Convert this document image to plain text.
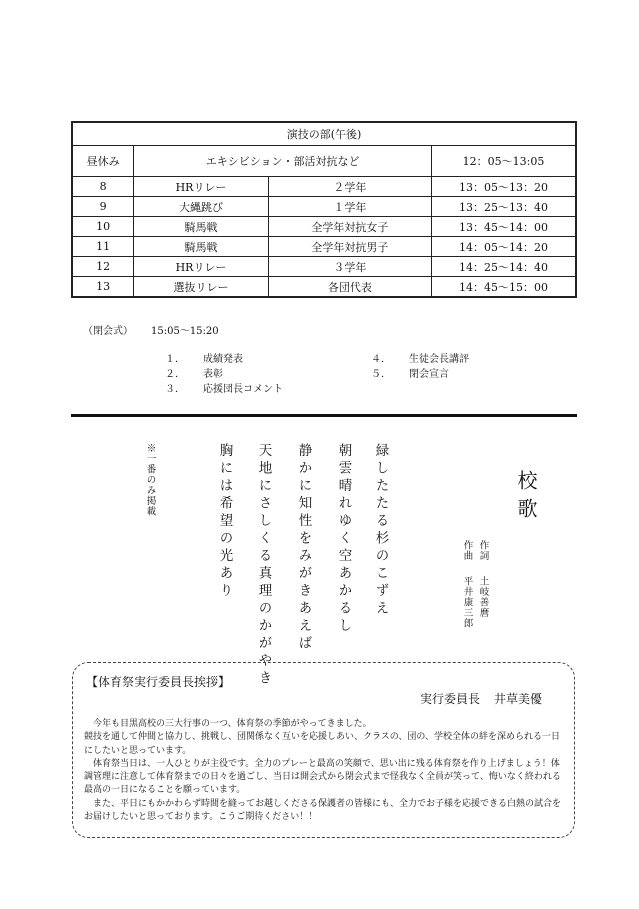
演技の部(午後)			
昼休み	エキシビション・部活対抗など		12：05〜13:05
8	HRリレー	２学年	13：05〜13：20
9	大縄跳び	１学年	13：25〜13：40
10	騎馬戦	全学年対抗女子	13：45〜14：00
11	騎馬戦	全学年対抗男子	14：05〜14：20
12	HRリレー	３学年	14：25〜14：40
13	選抜リレー	各団代表	14：45〜15：00
（閉会式） 15:05〜15:20
１． 成績発表
２． 表彰
３． 応援団長コメント
４． 生徒会長講評
５． 閉会宣言
校歌
作詞
土岐善麿
作曲
平井康三郎
緑したたる杉のこずえ
朝雲晴れゆく空あかるし
静かに知性をみがきあえば
天地にさしくる真理のかがやき
胸には希望の光あり
※一番のみ掲載
【体育祭実行委員長挨拶】
実行委員長 井草美優

今年も目黒高校の三大行事の一つ、体育祭の季節がやってきました。

競技を通して仲間と協力し、挑戦し、団関係なく互いを応援しあい、クラスの、団の、学校全体の絆を深められる一日にしたいと思っています。

体育祭当日は、一人ひとりが主役です。全力のプレーと最高の笑顔で、思い出に残る体育祭を作り上げましょう！体調管理に注意して体育祭までの日々を過ごし、当日は開会式から閉会式まで怪我なく全員が笑って、悔いなく終われる最高の一日になることを願っています。

また、平日にもかかわらず時間を縫ってお越しくださる保護者の皆様にも、全力でお子様を応援できる白熱の試合をお届けしたいと思っております。こうご期待ください！！
